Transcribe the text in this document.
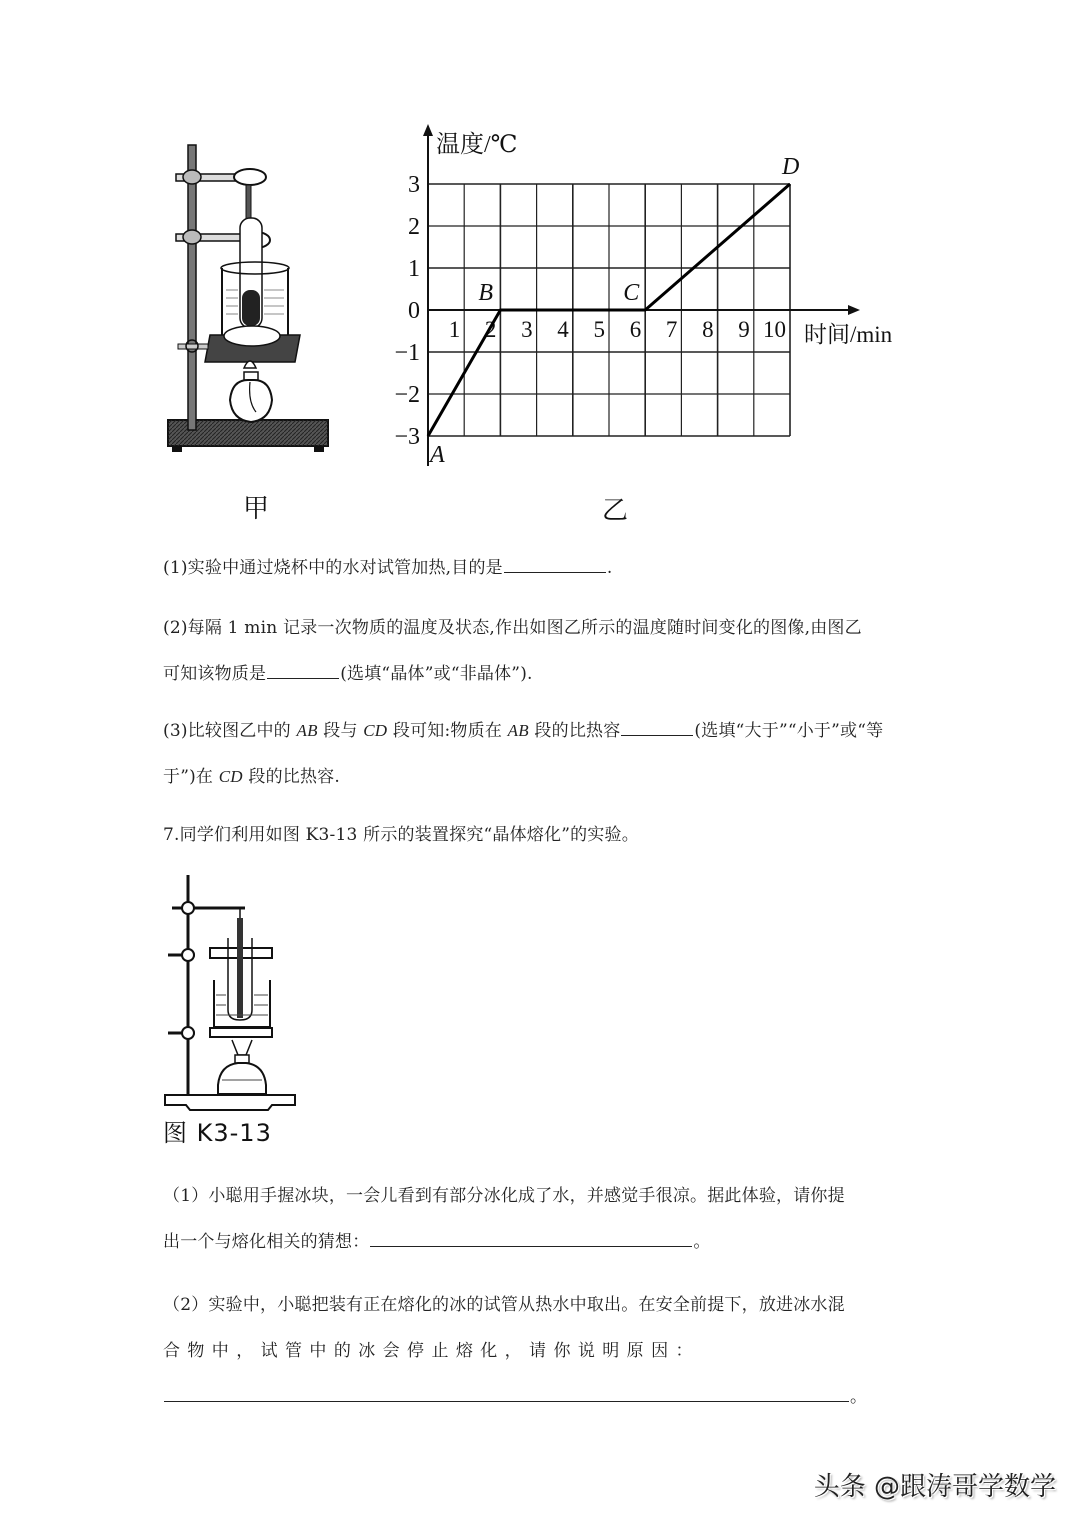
甲
温度/℃
时间/min
3
2
1
0
−1
−2
−3
1 2 3 4 5 6 7 8 9 10
A
B	C
D
乙
(1)实验中通过烧杯中的水对试管加热,目的是	.
(2)每隔 1 min 记录一次物质的温度及状态,作出如图乙所示的温度随时间变化的图像,由图乙
可知该物质是	(选填“晶体”或“非晶体”).
(3)比较图乙中的 AB 段与 CD 段可知:物质在 AB 段的比热容	(选填“大于”“小于”或“等
于”)在 CD 段的比热容.
7.同学们利用如图 K3-13 所示的装置探究“晶体熔化”的实验。
图 K3-13
（1）小聪用手握冰块，一会儿看到有部分冰化成了水，并感觉手很凉。据此体验，请你提
出一个与熔化相关的猜想：	。
（2）实验中，小聪把装有正在熔化的冰的试管从热水中取出。在安全前提下，放进冰水混
合 物 中 ， 试 管 中 的 冰 会 停 止 熔 化 ， 请 你 说 明 原 因 ：
。
头条 @跟涛哥学数学
